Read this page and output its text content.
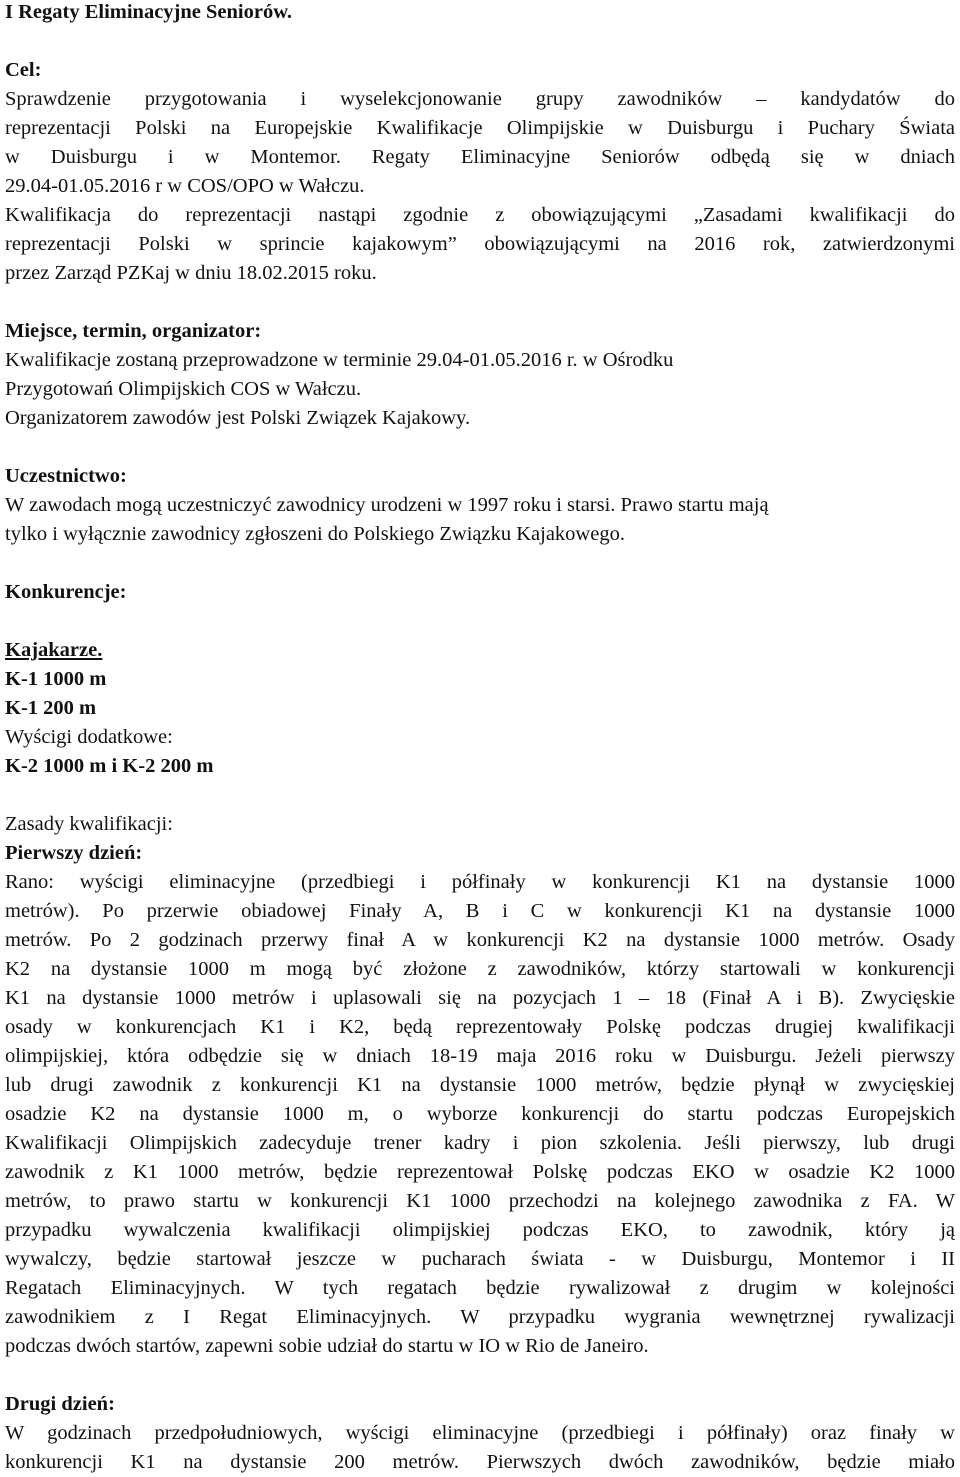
I Regaty Eliminacyjne Seniorów.
Cel:
Sprawdzenie przygotowania i wyselekcjonowanie grupy zawodników – kandydatów do
reprezentacji Polski na Europejskie Kwalifikacje Olimpijskie w Duisburgu i Puchary Świata
w Duisburgu i w Montemor. Regaty Eliminacyjne Seniorów odbędą się w dniach
29.04-01.05.2016 r w COS/OPO w Wałczu.
Kwalifikacja do reprezentacji nastąpi zgodnie z obowiązującymi „Zasadami kwalifikacji do
reprezentacji Polski w sprincie kajakowym” obowiązującymi na 2016 rok, zatwierdzonymi
przez Zarząd PZKaj w dniu 18.02.2015 roku.
Miejsce, termin, organizator:
Kwalifikacje zostaną przeprowadzone w terminie 29.04-01.05.2016 r. w Ośrodku
Przygotowań Olimpijskich COS w Wałczu.
Organizatorem zawodów jest Polski Związek Kajakowy.
Uczestnictwo:
W zawodach mogą uczestniczyć zawodnicy urodzeni w 1997 roku i starsi. Prawo startu mają
tylko i wyłącznie zawodnicy zgłoszeni do Polskiego Związku Kajakowego.
Konkurencje:
Kajakarze.
K-1 1000 m
K-1 200 m
Wyścigi dodatkowe:
K-2 1000 m i K-2 200 m
Zasady kwalifikacji:
Pierwszy dzień:
Rano: wyścigi eliminacyjne (przedbiegi i półfinały w konkurencji K1 na dystansie 1000
metrów). Po przerwie obiadowej Finały A, B i C w konkurencji K1 na dystansie 1000
metrów. Po 2 godzinach przerwy finał A w konkurencji K2 na dystansie 1000 metrów. Osady
K2 na dystansie 1000 m mogą być złożone z zawodników, którzy startowali w konkurencji
K1 na dystansie 1000 metrów i uplasowali się na pozycjach 1 – 18 (Finał A i B). Zwycięskie
osady w konkurencjach K1 i K2, będą reprezentowały Polskę podczas drugiej kwalifikacji
olimpijskiej, która odbędzie się w dniach 18-19 maja 2016 roku w Duisburgu. Jeżeli pierwszy
lub drugi zawodnik z konkurencji K1 na dystansie 1000 metrów, będzie płynął w zwycięskiej
osadzie K2 na dystansie 1000 m, o wyborze konkurencji do startu podczas Europejskich
Kwalifikacji Olimpijskich zadecyduje trener kadry i pion szkolenia. Jeśli pierwszy, lub drugi
zawodnik z K1 1000 metrów, będzie reprezentował Polskę podczas EKO w osadzie K2 1000
metrów, to prawo startu w konkurencji K1 1000 przechodzi na kolejnego zawodnika z FA. W
przypadku wywalczenia kwalifikacji olimpijskiej podczas EKO, to zawodnik, który ją
wywalczy, będzie startował jeszcze w pucharach świata - w Duisburgu, Montemor i II
Regatach Eliminacyjnych. W tych regatach będzie rywalizował z drugim w kolejności
zawodnikiem z I Regat Eliminacyjnych. W przypadku wygrania wewnętrznej rywalizacji
podczas dwóch startów, zapewni sobie udział do startu w IO w Rio de Janeiro.
Drugi dzień:
W godzinach przedpołudniowych, wyścigi eliminacyjne (przedbiegi i półfinały) oraz finały w
konkurencji K1 na dystansie 200 metrów. Pierwszych dwóch zawodników, będzie miało
